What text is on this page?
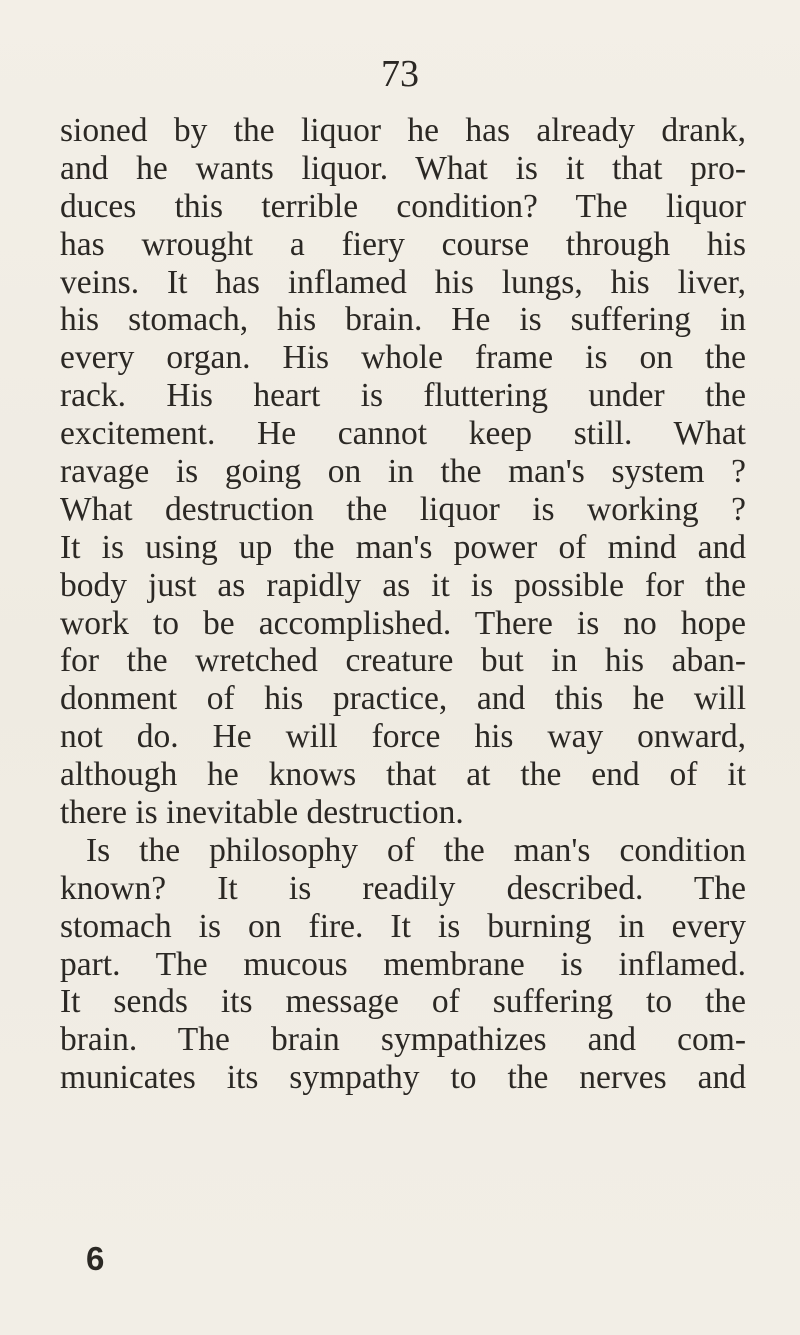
73
sioned by the liquor he has already drank,
and he wants liquor. What is it that pro-
duces this terrible condition? The liquor
has wrought a fiery course through his
veins. It has inflamed his lungs, his liver,
his stomach, his brain. He is suffering in
every organ. His whole frame is on the
rack. His heart is fluttering under the
excitement. He cannot keep still. What
ravage is going on in the man's system ?
What destruction the liquor is working ?
It is using up the man's power of mind and
body just as rapidly as it is possible for the
work to be accomplished. There is no hope
for the wretched creature but in his aban-
donment of his practice, and this he will
not do. He will force his way onward,
although he knows that at the end of it
there is inevitable destruction.
Is the philosophy of the man's condition
known? It is readily described. The
stomach is on fire. It is burning in every
part. The mucous membrane is inflamed.
It sends its message of suffering to the
brain. The brain sympathizes and com-
municates its sympathy to the nerves and
6
